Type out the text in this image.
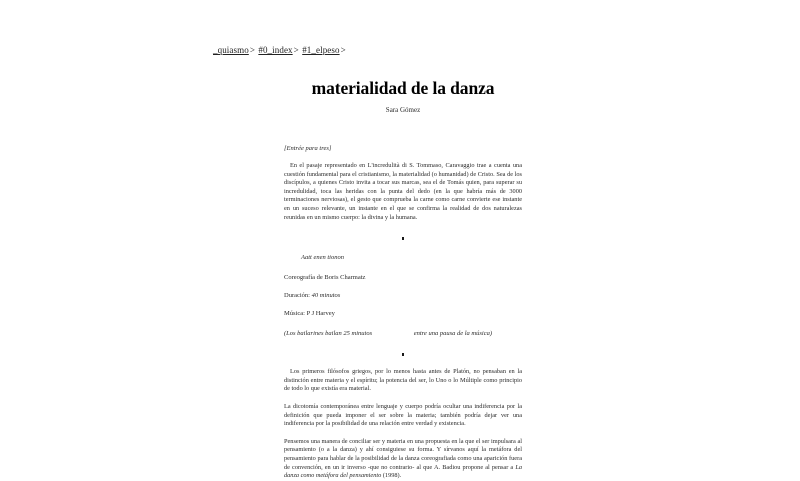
_quiasmo> #0_index> #1_elpeso>
materialidad de la danza
Sara Gómez
[Entrée para tres]

En el pasaje representado en L'incredulità di S. Tommaso, Caravaggio trae a cuenta una cuestión fundamental para el cristianismo, la materialidad (o humanidad) de Cristo. Sea de los discípulos, a quienes Cristo invita a tocar sus marcas, sea el de Tomás quien, para superar su incredulidad, toca las heridas con la punta del dedo (en la que habría más de 3000 terminaciones nerviosas), el gesto que comprueba la carne como carne convierte ese instante en un suceso relevante, un instante en el que se confirma la realidad de dos naturalezas reunidas en un mismo cuerpo: la divina y la humana.

Aatt enen tionon
Coreografía de Boris Charmatz
Duración: 40 minutos
Música: P J Harvey
(Los bailarines bailan 25 minutos	entre una pausa de la música)

Los primeros filósofos griegos, por lo menos hasta antes de Platón, no pensaban en la distinción entre materia y el espíritu; la potencia del ser, lo Uno o lo Múltiple como principio de todo lo que existía era material.

La dicotomía contemporánea entre lenguaje y cuerpo podría ocultar una indiferencia por la definición que pueda imponer el ser sobre la materia; también podría dejar ver una indiferencia por la posibilidad de una relación entre verdad y existencia.

Pensemos una manera de conciliar ser y materia en una propuesta en la que el ser impulsara al pensamiento (o a la danza) y ahí consiguiese su forma. Y sírvanos aquí la metáfora del pensamiento para hablar de la posibilidad de la danza coreografiada como una aparición fuera de convención, en un ir inverso -que no contrario- al que A. Badiou propone al pensar a La danza como metáfora del pensamiento (1998).
